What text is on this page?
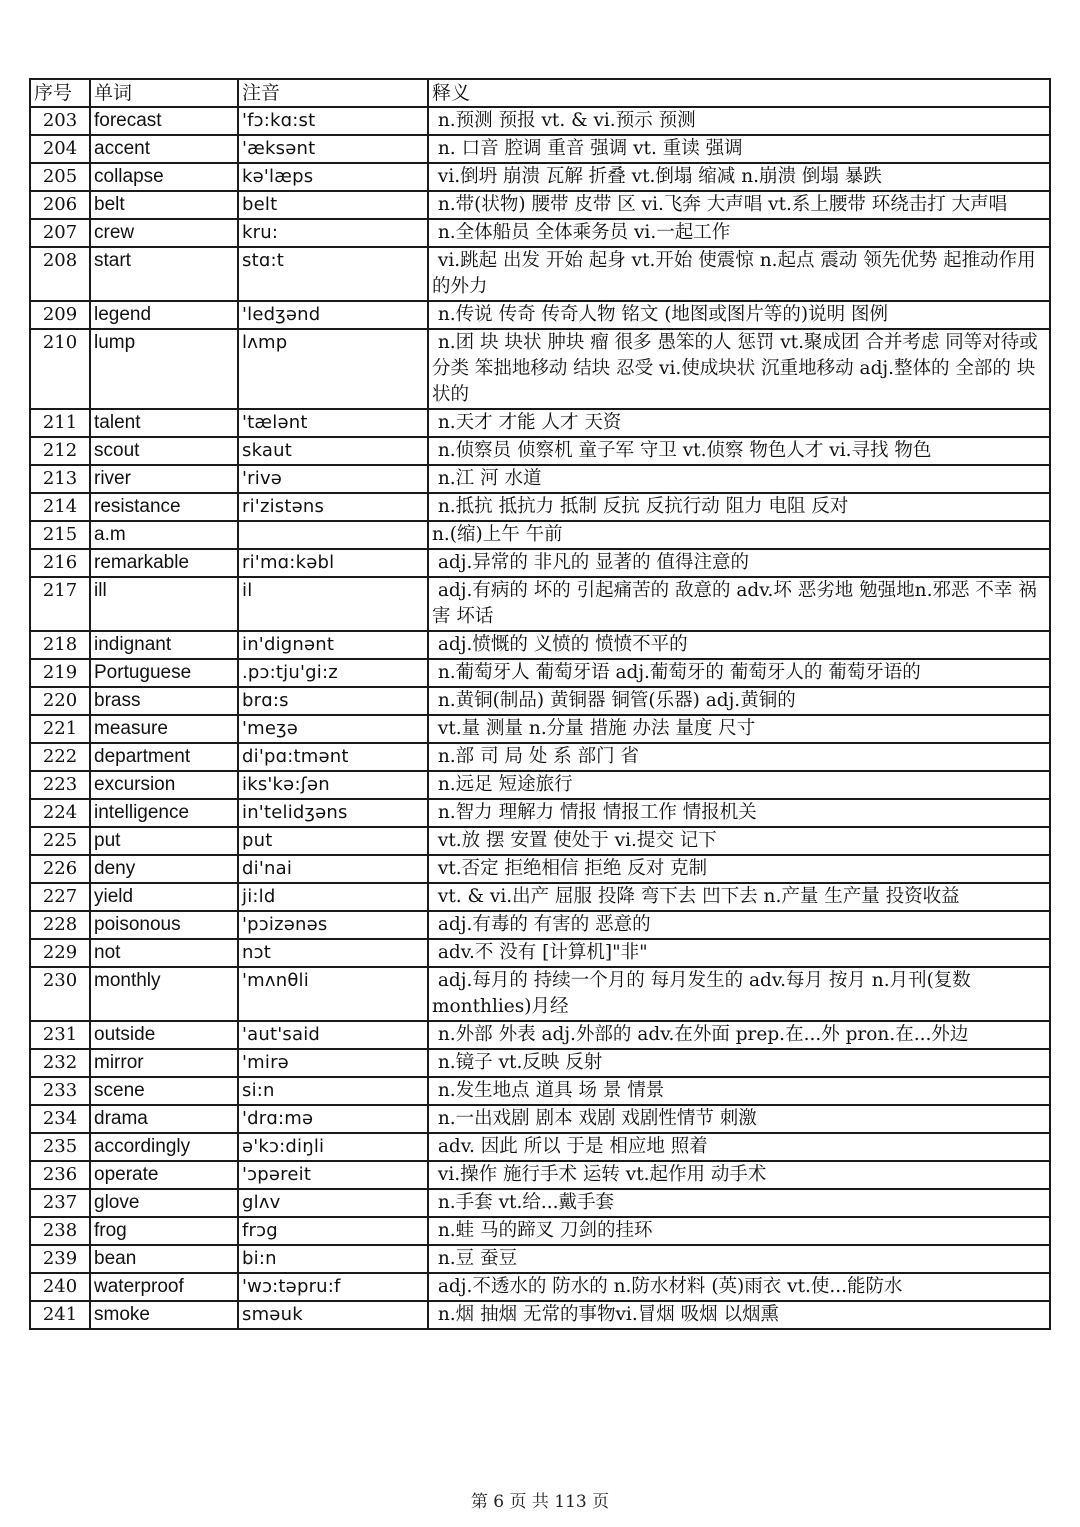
序号	单词	注音	释义
203	forecast	'fɔ:kɑ:st	n.预测 预报 vt. & vi.预示 预测
204	accent	'æksənt	n. 口音 腔调 重音 强调 vt. 重读 强调
205	collapse	kə'læps	vi.倒坍 崩溃 瓦解 折叠 vt.倒塌 缩减 n.崩溃 倒塌 暴跌
206	belt	belt	n.带(状物) 腰带 皮带 区 vi.飞奔 大声唱 vt.系上腰带 环绕击打 大声唱
207	crew	kru:	n.全体船员 全体乘务员 vi.一起工作
208	start	stɑ:t	vi.跳起 出发 开始 起身 vt.开始 使震惊 n.起点 震动 领先优势 起推动作用的外力
209	legend	'ledʒənd	n.传说 传奇 传奇人物 铭文 (地图或图片等的)说明 图例
210	lump	lʌmp	n.团 块 块状 肿块 瘤 很多 愚笨的人 惩罚 vt.聚成团 合并考虑 同等对待或分类 笨拙地移动 结块 忍受 vi.使成块状 沉重地移动 adj.整体的 全部的 块状的
211	talent	'tælənt	n.天才 才能 人才 天资
212	scout	skaut	n.侦察员 侦察机 童子军 守卫 vt.侦察 物色人才 vi.寻找 物色
213	river	'rivə	n.江 河 水道
214	resistance	ri'zistəns	n.抵抗 抵抗力 抵制 反抗 反抗行动 阻力 电阻 反对
215	a.m		n.(缩)上午 午前
216	remarkable	ri'mɑ:kəbl	adj.异常的 非凡的 显著的 值得注意的
217	ill	il	adj.有病的 坏的 引起痛苦的 敌意的 adv.坏 恶劣地 勉强地n.邪恶 不幸 祸害 坏话
218	indignant	in'dignənt	adj.愤慨的 义愤的 愤愤不平的
219	Portuguese	.pɔ:tju'gi:z	n.葡萄牙人 葡萄牙语 adj.葡萄牙的 葡萄牙人的 葡萄牙语的
220	brass	brɑ:s	n.黄铜(制品) 黄铜器 铜管(乐器) adj.黄铜的
221	measure	'meʒə	vt.量 测量 n.分量 措施 办法 量度 尺寸
222	department	di'pɑ:tmənt	n.部 司 局 处 系 部门 省
223	excursion	iks'kə:ʃən	n.远足 短途旅行
224	intelligence	in'telidʒəns	n.智力 理解力 情报 情报工作 情报机关
225	put	put	vt.放 摆 安置 使处于 vi.提交 记下
226	deny	di'nai	vt.否定 拒绝相信 拒绝 反对 克制
227	yield	ji:ld	vt. & vi.出产 屈服 投降 弯下去 凹下去 n.产量 生产量 投资收益
228	poisonous	'pɔizənəs	adj.有毒的 有害的 恶意的
229	not	nɔt	adv.不 没有 [计算机]"非"
230	monthly	'mʌnθli	adj.每月的 持续一个月的 每月发生的 adv.每月 按月 n.月刊(复数monthlies)月经
231	outside	'aut'said	n.外部 外表 adj.外部的 adv.在外面 prep.在...外 pron.在...外边
232	mirror	'mirə	n.镜子 vt.反映 反射
233	scene	si:n	n.发生地点 道具 场 景 情景
234	drama	'drɑ:mə	n.一出戏剧 剧本 戏剧 戏剧性情节 刺激
235	accordingly	ə'kɔ:diŋli	adv. 因此 所以 于是 相应地 照着
236	operate	'ɔpəreit	vi.操作 施行手术 运转 vt.起作用 动手术
237	glove	glʌv	n.手套 vt.给...戴手套
238	frog	frɔg	n.蛙 马的蹄叉 刀剑的挂环
239	bean	bi:n	n.豆 蚕豆
240	waterproof	'wɔ:təpru:f	adj.不透水的 防水的 n.防水材料 (英)雨衣 vt.使...能防水
241	smoke	sməuk	n.烟 抽烟 无常的事物vi.冒烟 吸烟 以烟熏
第 6 页 共 113 页
